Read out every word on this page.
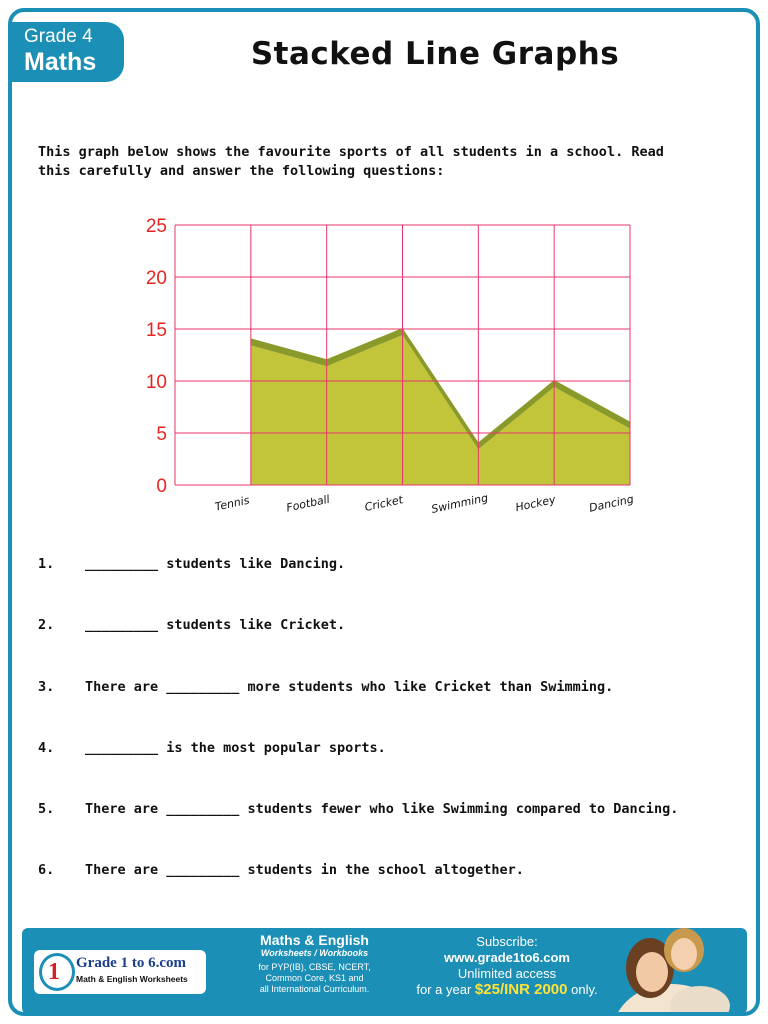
Grade 4
Maths	Stacked Line Graphs
This graph below shows the favourite sports of all students in a school. Read this carefully and answer the following questions:
0
5
10
15
20
25
Tennis	Football	Cricket Swimming Hockey	Dancing
1. _________ students like Dancing.
2. _________ students like Cricket.
3. There are _________ more students who like Cricket than Swimming.
4. _________ is the most popular sports.
5. There are _________ students fewer who like Swimming compared to Dancing.
6. There are _________ students in the school altogether.
1 Grade 1 to 6.com
Math & English Worksheets
Maths & English
Worksheets / Workbooks
for PYP(IB), CBSE, NCERT,
Common Core, KS1 and
all International Curriculum.
Subscribe:
www.grade1to6.com
Unlimited access
for a year $25/INR 2000 only.
